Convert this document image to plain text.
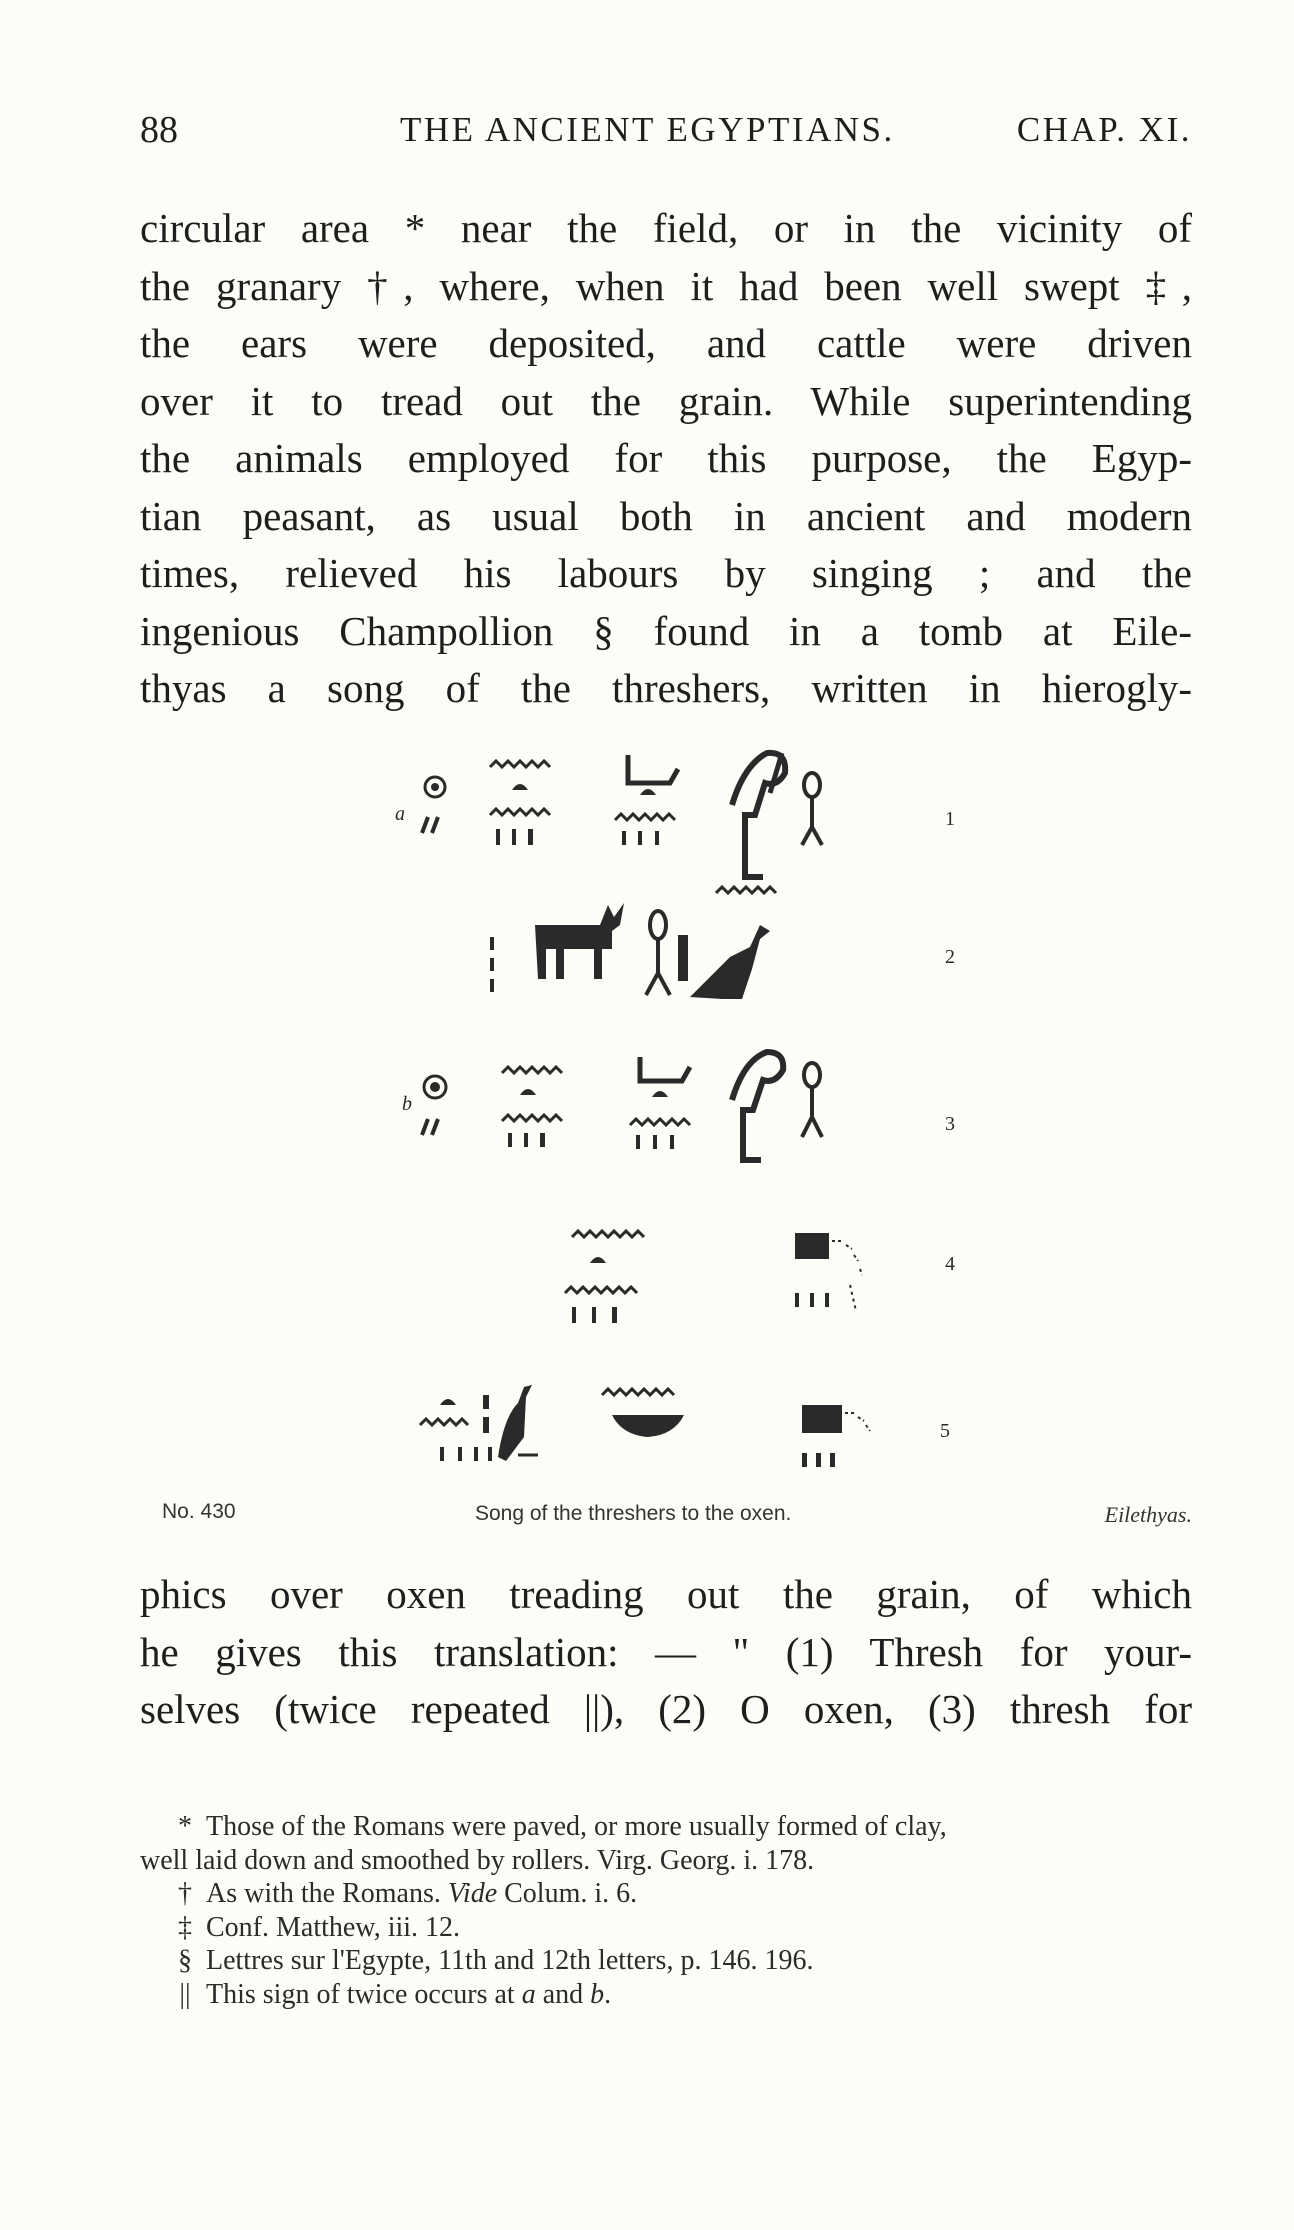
88	THE ANCIENT EGYPTIANS.	CHAP. XI.
circular area * near the field, or in the vicinity of
the granary †, where, when it had been well swept ‡,
the ears were deposited, and cattle were driven
over it to tread out the grain. While superintending
the animals employed for this purpose, the Egyp-
tian peasant, as usual both in ancient and modern
times, relieved his labours by singing ; and the
ingenious Champollion § found in a tomb at Eile-
thyas a song of the threshers, written in hierogly-
a
b
1
2
3
4
5
No. 430	Song of the threshers to the oxen.	Eilethyas.
phics over oxen treading out the grain, of which
he gives this translation: — " (1) Thresh for your-
selves (twice repeated ||), (2) O oxen, (3) thresh for
* Those of the Romans were paved, or more usually formed of clay,
well laid down and smoothed by rollers. Virg. Georg. i. 178.
† As with the Romans. Vide Colum. i. 6.
‡ Conf. Matthew, iii. 12.
§ Lettres sur l'Egypte, 11th and 12th letters, p. 146. 196.
|| This sign of twice occurs at a and b.
